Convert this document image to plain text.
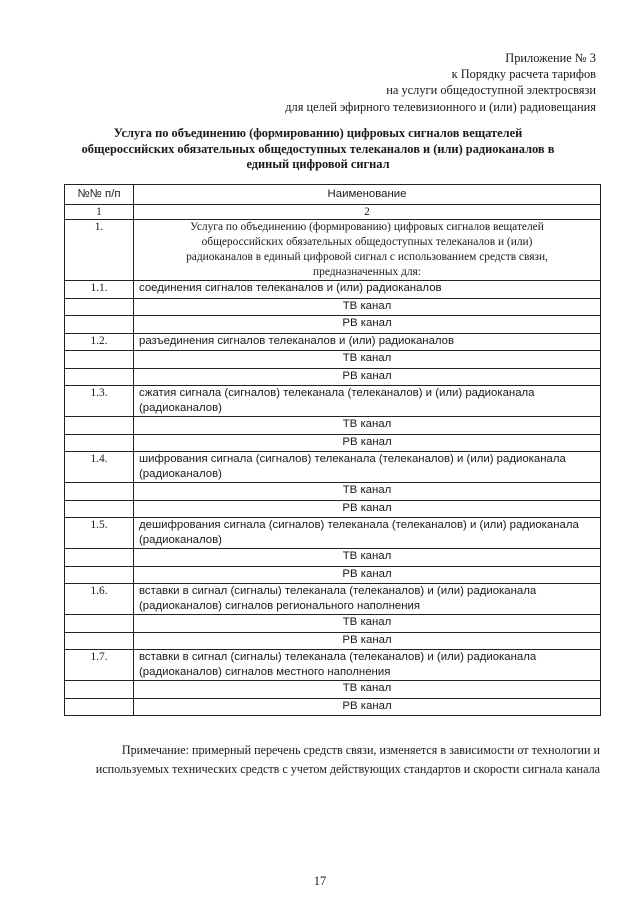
Приложение № 3
к Порядку расчета тарифов
на услуги общедоступной электросвязи
для целей эфирного телевизионного и (или) радиовещания
Услуга по объединению (формированию) цифровых сигналов вещателей
общероссийских обязательных общедоступных телеканалов и (или) радиоканалов в
единый цифровой сигнал
№№ п/п	Наименование
1	2
1.	Услуга по объединению (формированию) цифровых сигналов вещателей
общероссийских обязательных общедоступных телеканалов и (или)
радиоканалов в единый цифровой сигнал с использованием средств связи,
предназначенных для:

1.1.	соединения сигналов телеканалов и (или) радиоканалов

	ТВ канал
	РВ канал
1.2.	разъединения сигналов телеканалов и (или) радиоканалов

	ТВ канал
	РВ канал
1.3.	сжатия сигнала (сигналов) телеканала (телеканалов) и (или) радиоканала
(радиоканалов)

	ТВ канал
	РВ канал
1.4.	шифрования сигнала (сигналов) телеканала (телеканалов) и (или) радиоканала
(радиоканалов)

	ТВ канал
	РВ канал
1.5.	дешифрования сигнала (сигналов) телеканала (телеканалов) и (или) радиоканала
(радиоканалов)

	ТВ канал
	РВ канал
1.6.	вставки в сигнал (сигналы) телеканала (телеканалов) и (или) радиоканала
(радиоканалов) сигналов регионального наполнения

	ТВ канал
	РВ канал
1.7.	вставки в сигнал (сигналы) телеканала (телеканалов) и (или) радиоканала
(радиоканалов) сигналов местного наполнения

	ТВ канал
	РВ канал
Примечание: примерный перечень средств связи, изменяется в зависимости от технологии и
используемых технических средств с учетом действующих стандартов и скорости сигнала канала
17
